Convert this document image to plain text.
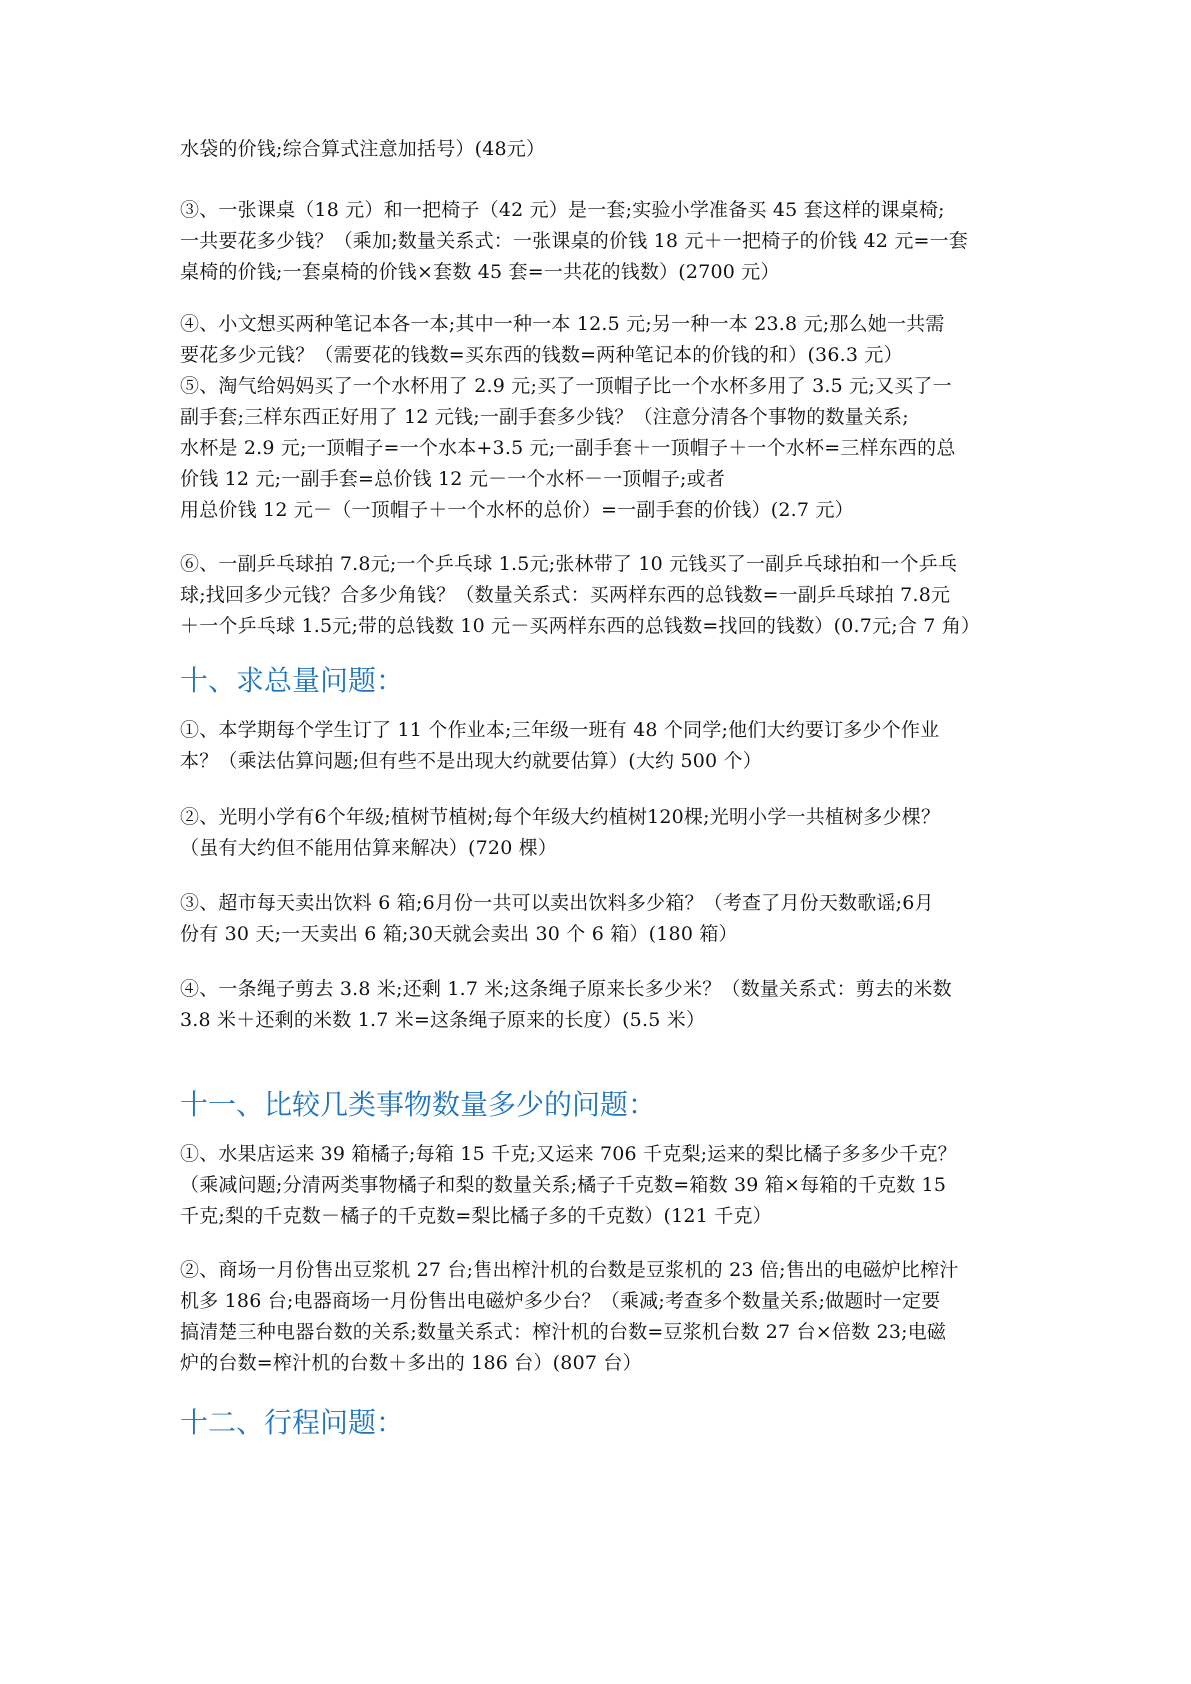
水袋的价钱;综合算式注意加括号）(48元）
③、一张课桌（18 元）和一把椅子（42 元）是一套;实验小学准备买 45 套这样的课桌椅;
一共要花多少钱？（乘加;数量关系式：一张课桌的价钱 18 元＋一把椅子的价钱 42 元=一套
桌椅的价钱;一套桌椅的价钱×套数 45 套=一共花的钱数）(2700 元）
④、小文想买两种笔记本各一本;其中一种一本 12.5 元;另一种一本 23.8 元;那么她一共需
要花多少元钱？（需要花的钱数=买东西的钱数=两种笔记本的价钱的和）(36.3 元）
⑤、淘气给妈妈买了一个水杯用了 2.9 元;买了一顶帽子比一个水杯多用了 3.5 元;又买了一
副手套;三样东西正好用了 12 元钱;一副手套多少钱？（注意分清各个事物的数量关系;
水杯是 2.9 元;一顶帽子=一个水本+3.5 元;一副手套＋一顶帽子＋一个水杯=三样东西的总
价钱 12 元;一副手套=总价钱 12 元－一个水杯－一顶帽子;或者
用总价钱 12 元－（一顶帽子＋一个水杯的总价）=一副手套的价钱）(2.7 元）
⑥、一副乒乓球拍 7.8元;一个乒乓球 1.5元;张林带了 10 元钱买了一副乒乓球拍和一个乒乓
球;找回多少元钱？合多少角钱？（数量关系式：买两样东西的总钱数=一副乒乓球拍 7.8元
＋一个乒乓球 1.5元;带的总钱数 10 元－买两样东西的总钱数=找回的钱数）(0.7元;合 7 角）
十、求总量问题：
①、本学期每个学生订了 11 个作业本;三年级一班有 48 个同学;他们大约要订多少个作业
本？（乘法估算问题;但有些不是出现大约就要估算）(大约 500 个）
②、光明小学有6个年级;植树节植树;每个年级大约植树120棵;光明小学一共植树多少棵？
（虽有大约但不能用估算来解决）(720 棵）
③、超市每天卖出饮料 6 箱;6月份一共可以卖出饮料多少箱？（考查了月份天数歌谣;6月
份有 30 天;一天卖出 6 箱;30天就会卖出 30 个 6 箱）(180 箱）
④、一条绳子剪去 3.8 米;还剩 1.7 米;这条绳子原来长多少米？（数量关系式：剪去的米数
3.8 米＋还剩的米数 1.7 米=这条绳子原来的长度）(5.5 米）
十一、比较几类事物数量多少的问题：
①、水果店运来 39 箱橘子;每箱 15 千克;又运来 706 千克梨;运来的梨比橘子多多少千克？
（乘减问题;分清两类事物橘子和梨的数量关系;橘子千克数=箱数 39 箱×每箱的千克数 15
千克;梨的千克数－橘子的千克数=梨比橘子多的千克数）(121 千克）
②、商场一月份售出豆浆机 27 台;售出榨汁机的台数是豆浆机的 23 倍;售出的电磁炉比榨汁
机多 186 台;电器商场一月份售出电磁炉多少台？（乘减;考查多个数量关系;做题时一定要
搞清楚三种电器台数的关系;数量关系式：榨汁机的台数=豆浆机台数 27 台×倍数 23;电磁
炉的台数=榨汁机的台数＋多出的 186 台）(807 台）
十二、行程问题：
